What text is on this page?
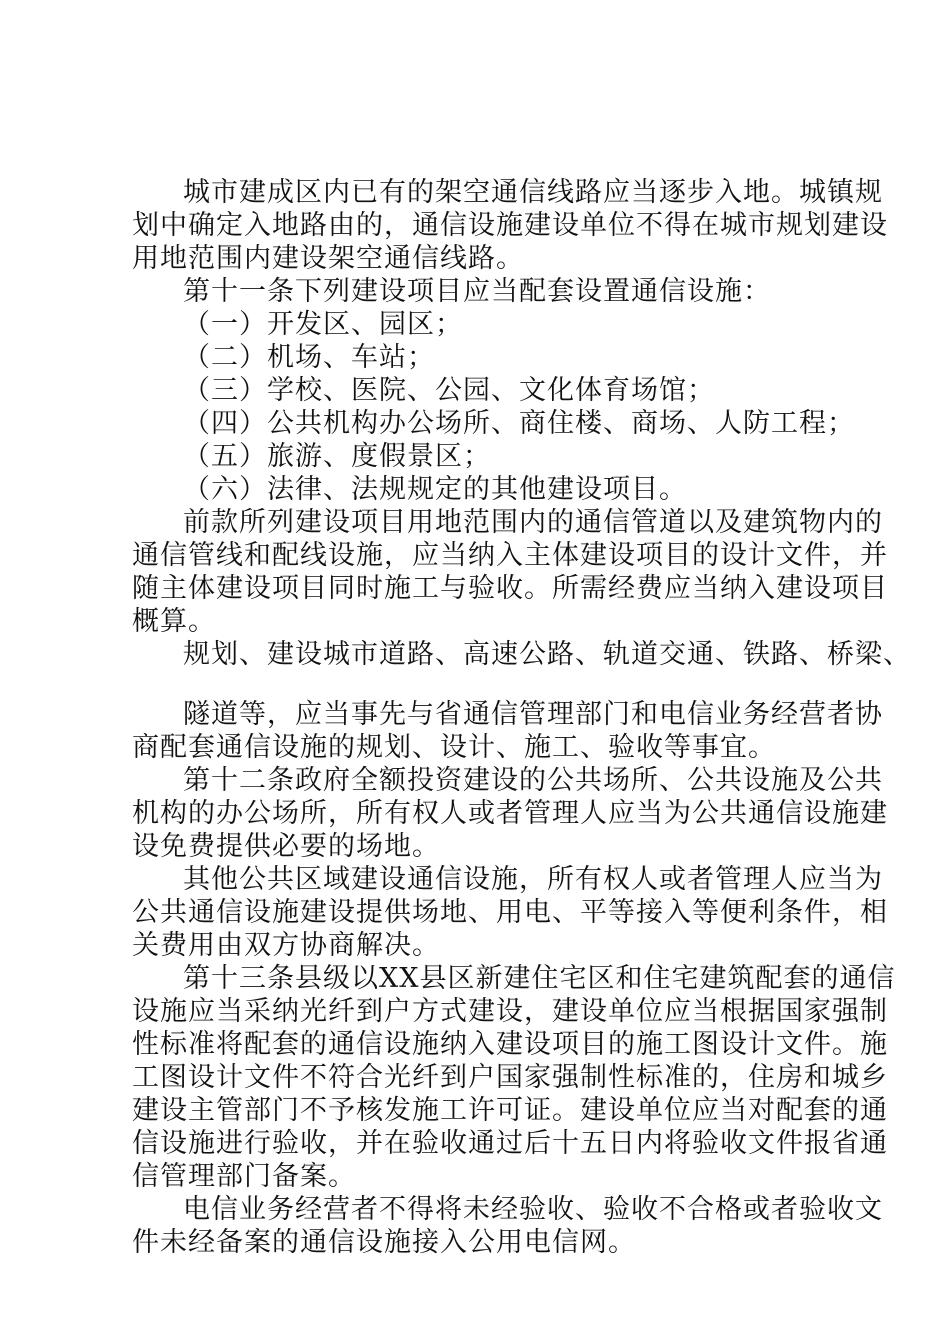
城市建成区内已有的架空通信线路应当逐步入地。城镇规
划中确定入地路由的，通信设施建设单位不得在城市规划建设
用地范围内建设架空通信线路。
第十一条下列建设项目应当配套设置通信设施：
（一）开发区、园区；
（二）机场、车站；
（三）学校、医院、公园、文化体育场馆；
（四）公共机构办公场所、商住楼、商场、人防工程；
（五）旅游、度假景区；
（六）法律、法规规定的其他建设项目。
前款所列建设项目用地范围内的通信管道以及建筑物内的
通信管线和配线设施，应当纳入主体建设项目的设计文件，并
随主体建设项目同时施工与验收。所需经费应当纳入建设项目
概算。
规划、建设城市道路、高速公路、轨道交通、铁路、桥梁、
隧道等，应当事先与省通信管理部门和电信业务经营者协
商配套通信设施的规划、设计、施工、验收等事宜。
第十二条政府全额投资建设的公共场所、公共设施及公共
机构的办公场所，所有权人或者管理人应当为公共通信设施建
设免费提供必要的场地。
其他公共区域建设通信设施，所有权人或者管理人应当为
公共通信设施建设提供场地、用电、平等接入等便利条件，相
关费用由双方协商解决。
第十三条县级以XX县区新建住宅区和住宅建筑配套的通信
设施应当采纳光纤到户方式建设，建设单位应当根据国家强制
性标准将配套的通信设施纳入建设项目的施工图设计文件。施
工图设计文件不符合光纤到户国家强制性标准的，住房和城乡
建设主管部门不予核发施工许可证。建设单位应当对配套的通
信设施进行验收，并在验收通过后十五日内将验收文件报省通
信管理部门备案。
电信业务经营者不得将未经验收、验收不合格或者验收文
件未经备案的通信设施接入公用电信网。
